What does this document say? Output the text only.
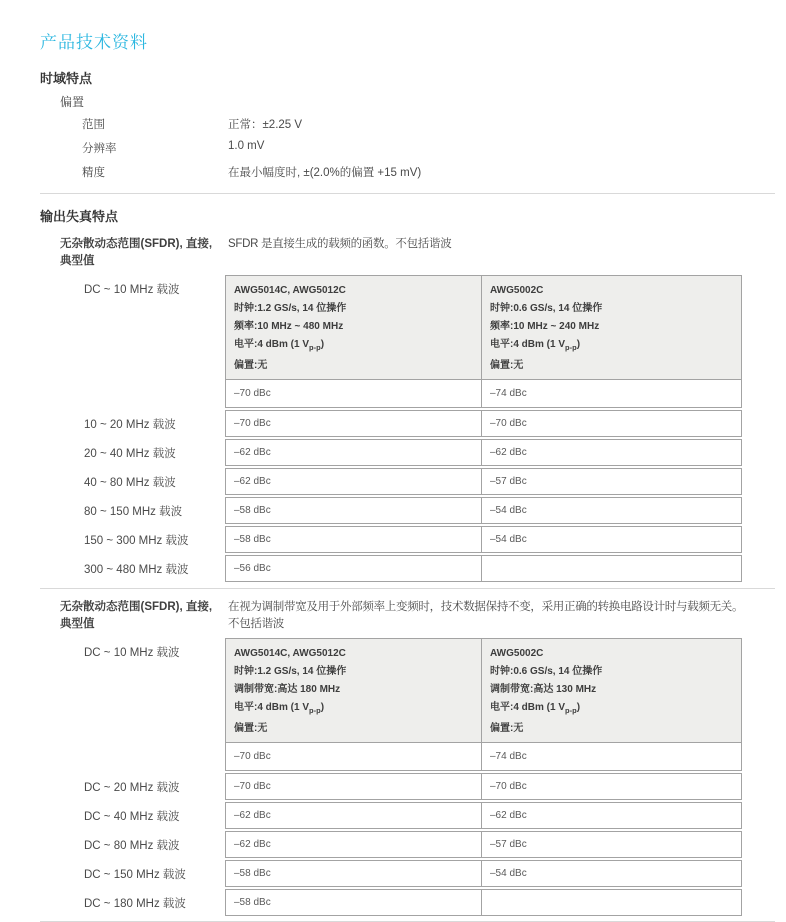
产品技术资料
时域特点
偏置
范围	正常：±2.25 V
分辨率	1.0 mV
精度	在最小幅度时, ±(2.0%的偏置 +15 mV)
输出失真特点
无杂散动态范围(SFDR), 直接,
典型值
SFDR 是直接生成的载频的函数。不包括谐波
DC ~ 10 MHz 载波	AWG5014C, AWG5012C
时钟:1.2 GS/s, 14 位操作
频率:10 MHz ~ 480 MHz
电平:4 dBm (1 $V_{p-p}$)
偏置:无
AWG5002C
时钟:0.6 GS/s, 14 位操作
频率:10 MHz ~ 240 MHz
电平:4 dBm (1 $V_{p-p}$)
偏置:无
–70 dBc	–74 dBc
10 ~ 20 MHz 载波	–70 dBc	–70 dBc
20 ~ 40 MHz 载波	–62 dBc	–62 dBc
40 ~ 80 MHz 载波	–62 dBc	–57 dBc
80 ~ 150 MHz 载波	–58 dBc	–54 dBc
150 ~ 300 MHz 载波	–58 dBc	–54 dBc
300 ~ 480 MHz 载波	–56 dBc
无杂散动态范围(SFDR), 直接,
典型值
在视为调制带宽及用于外部频率上变频时，技术数据保持不变，采用正确的转换电路设计时与载频无关。不包括谐波
DC ~ 10 MHz 载波	AWG5014C, AWG5012C
时钟:1.2 GS/s, 14 位操作
调制带宽:高达 180 MHz
电平:4 dBm (1 $V_{p-p}$)
偏置:无
AWG5002C
时钟:0.6 GS/s, 14 位操作
调制带宽:高达 130 MHz
电平:4 dBm (1 $V_{p-p}$)
偏置:无
–70 dBc	–74 dBc
DC ~ 20 MHz 载波	–70 dBc	–70 dBc
DC ~ 40 MHz 载波	–62 dBc	–62 dBc
DC ~ 80 MHz 载波	–62 dBc	–57 dBc
DC ~ 150 MHz 载波	–58 dBc	–54 dBc
DC ~ 180 MHz 载波	–58 dBc
